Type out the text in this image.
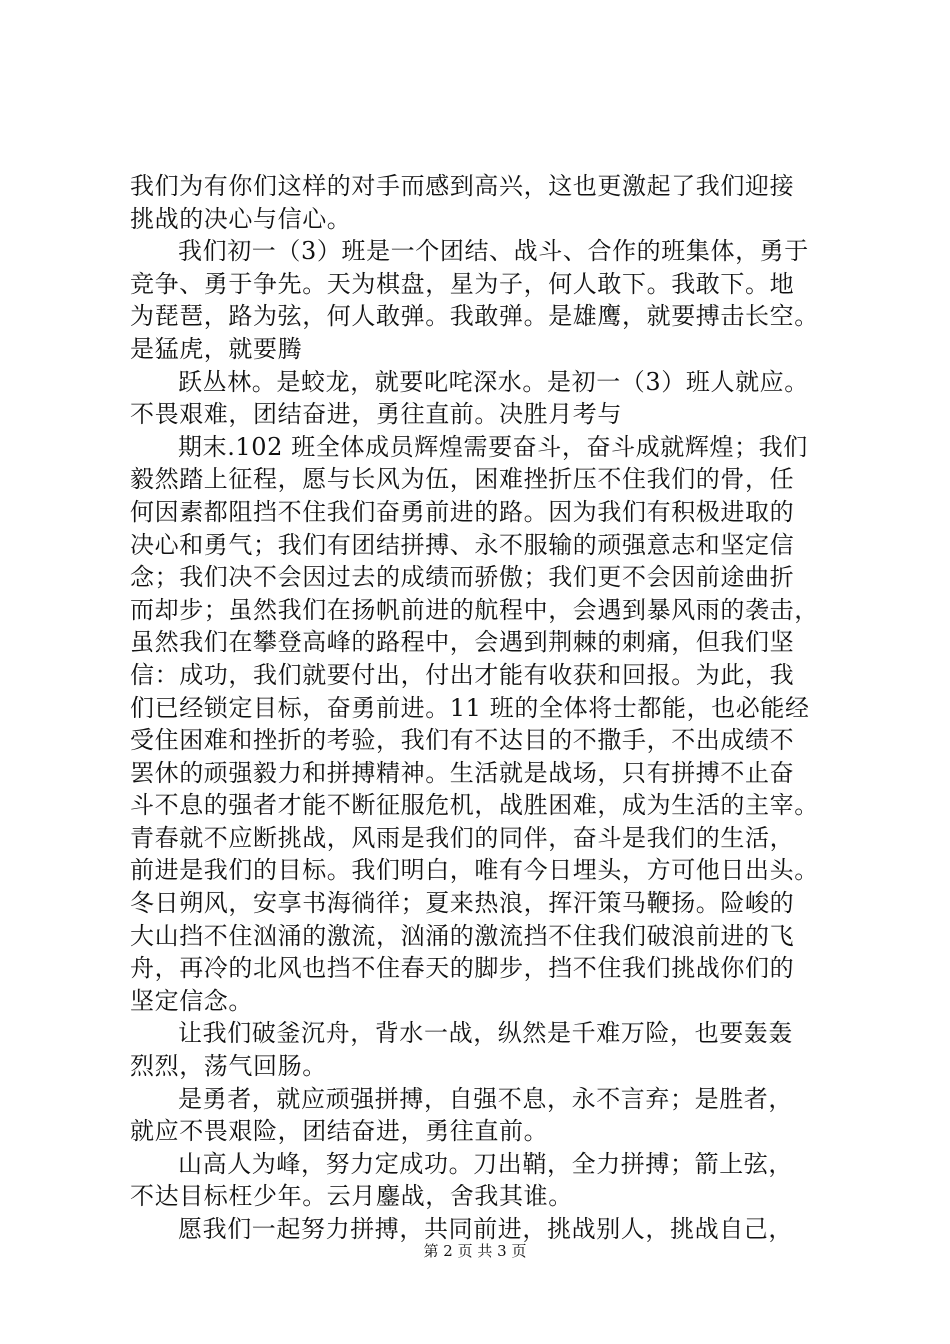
我们为有你们这样的对手而感到高兴，这也更激起了我们迎接
挑战的决心与信心。
我们初一（3）班是一个团结、战斗、合作的班集体，勇于
竞争、勇于争先。天为棋盘，星为子，何人敢下。我敢下。地
为琵琶，路为弦，何人敢弹。我敢弹。是雄鹰，就要搏击长空。
是猛虎，就要腾
跃丛林。是蛟龙，就要叱咤深水。是初一（3）班人就应。
不畏艰难，团结奋进，勇往直前。决胜月考与
期末.102 班全体成员辉煌需要奋斗，奋斗成就辉煌；我们
毅然踏上征程，愿与长风为伍，困难挫折压不住我们的骨，任
何因素都阻挡不住我们奋勇前进的路。因为我们有积极进取的
决心和勇气；我们有团结拼搏、永不服输的顽强意志和坚定信
念；我们决不会因过去的成绩而骄傲；我们更不会因前途曲折
而却步；虽然我们在扬帆前进的航程中，会遇到暴风雨的袭击，
虽然我们在攀登高峰的路程中，会遇到荆棘的刺痛，但我们坚
信：成功，我们就要付出，付出才能有收获和回报。为此，我
们已经锁定目标，奋勇前进。11 班的全体将士都能，也必能经
受住困难和挫折的考验，我们有不达目的不撒手，不出成绩不
罢休的顽强毅力和拼搏精神。生活就是战场，只有拼搏不止奋
斗不息的强者才能不断征服危机，战胜困难，成为生活的主宰。
青春就不应断挑战，风雨是我们的同伴，奋斗是我们的生活，
前进是我们的目标。我们明白，唯有今日埋头，方可他日出头。
冬日朔风，安享书海徜徉；夏来热浪，挥汗策马鞭扬。险峻的
大山挡不住汹涌的激流，汹涌的激流挡不住我们破浪前进的飞
舟，再冷的北风也挡不住春天的脚步，挡不住我们挑战你们的
坚定信念。
让我们破釜沉舟，背水一战，纵然是千难万险，也要轰轰
烈烈，荡气回肠。
是勇者，就应顽强拼搏，自强不息，永不言弃；是胜者，
就应不畏艰险，团结奋进，勇往直前。
山高人为峰，努力定成功。刀出鞘，全力拼搏；箭上弦，
不达目标枉少年。云月鏖战，舍我其谁。
愿我们一起努力拼搏，共同前进，挑战别人，挑战自己，
第 2 页 共 3 页
